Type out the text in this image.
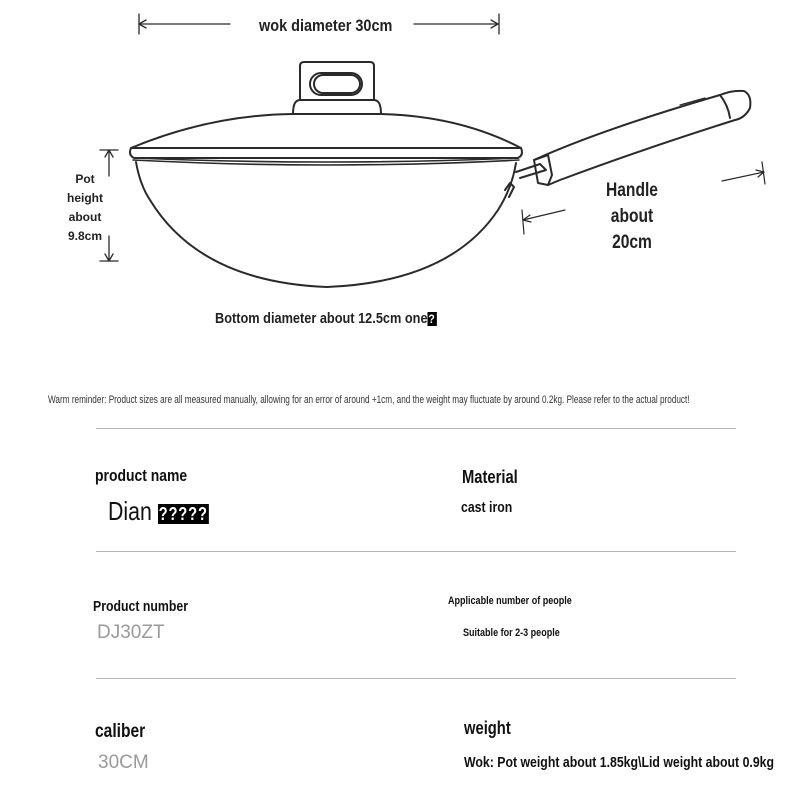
wok diameter 30cm
Pot
height
about
9.8cm
Handle about
20cm
Bottom diameter about 12.5cm one?
Warm reminder: Product sizes are all measured manually, allowing for an error of around +1cm, and the weight may fluctuate by around 0.2kg. Please refer to the actual product!
product name
Dian ?????
Material
cast iron
Product number
DJ30ZT
Applicable number of people
Suitable for 2-3 people
caliber
30CM
weight
Wok: Pot weight about 1.85kg\Lid weight about 0.9kg
